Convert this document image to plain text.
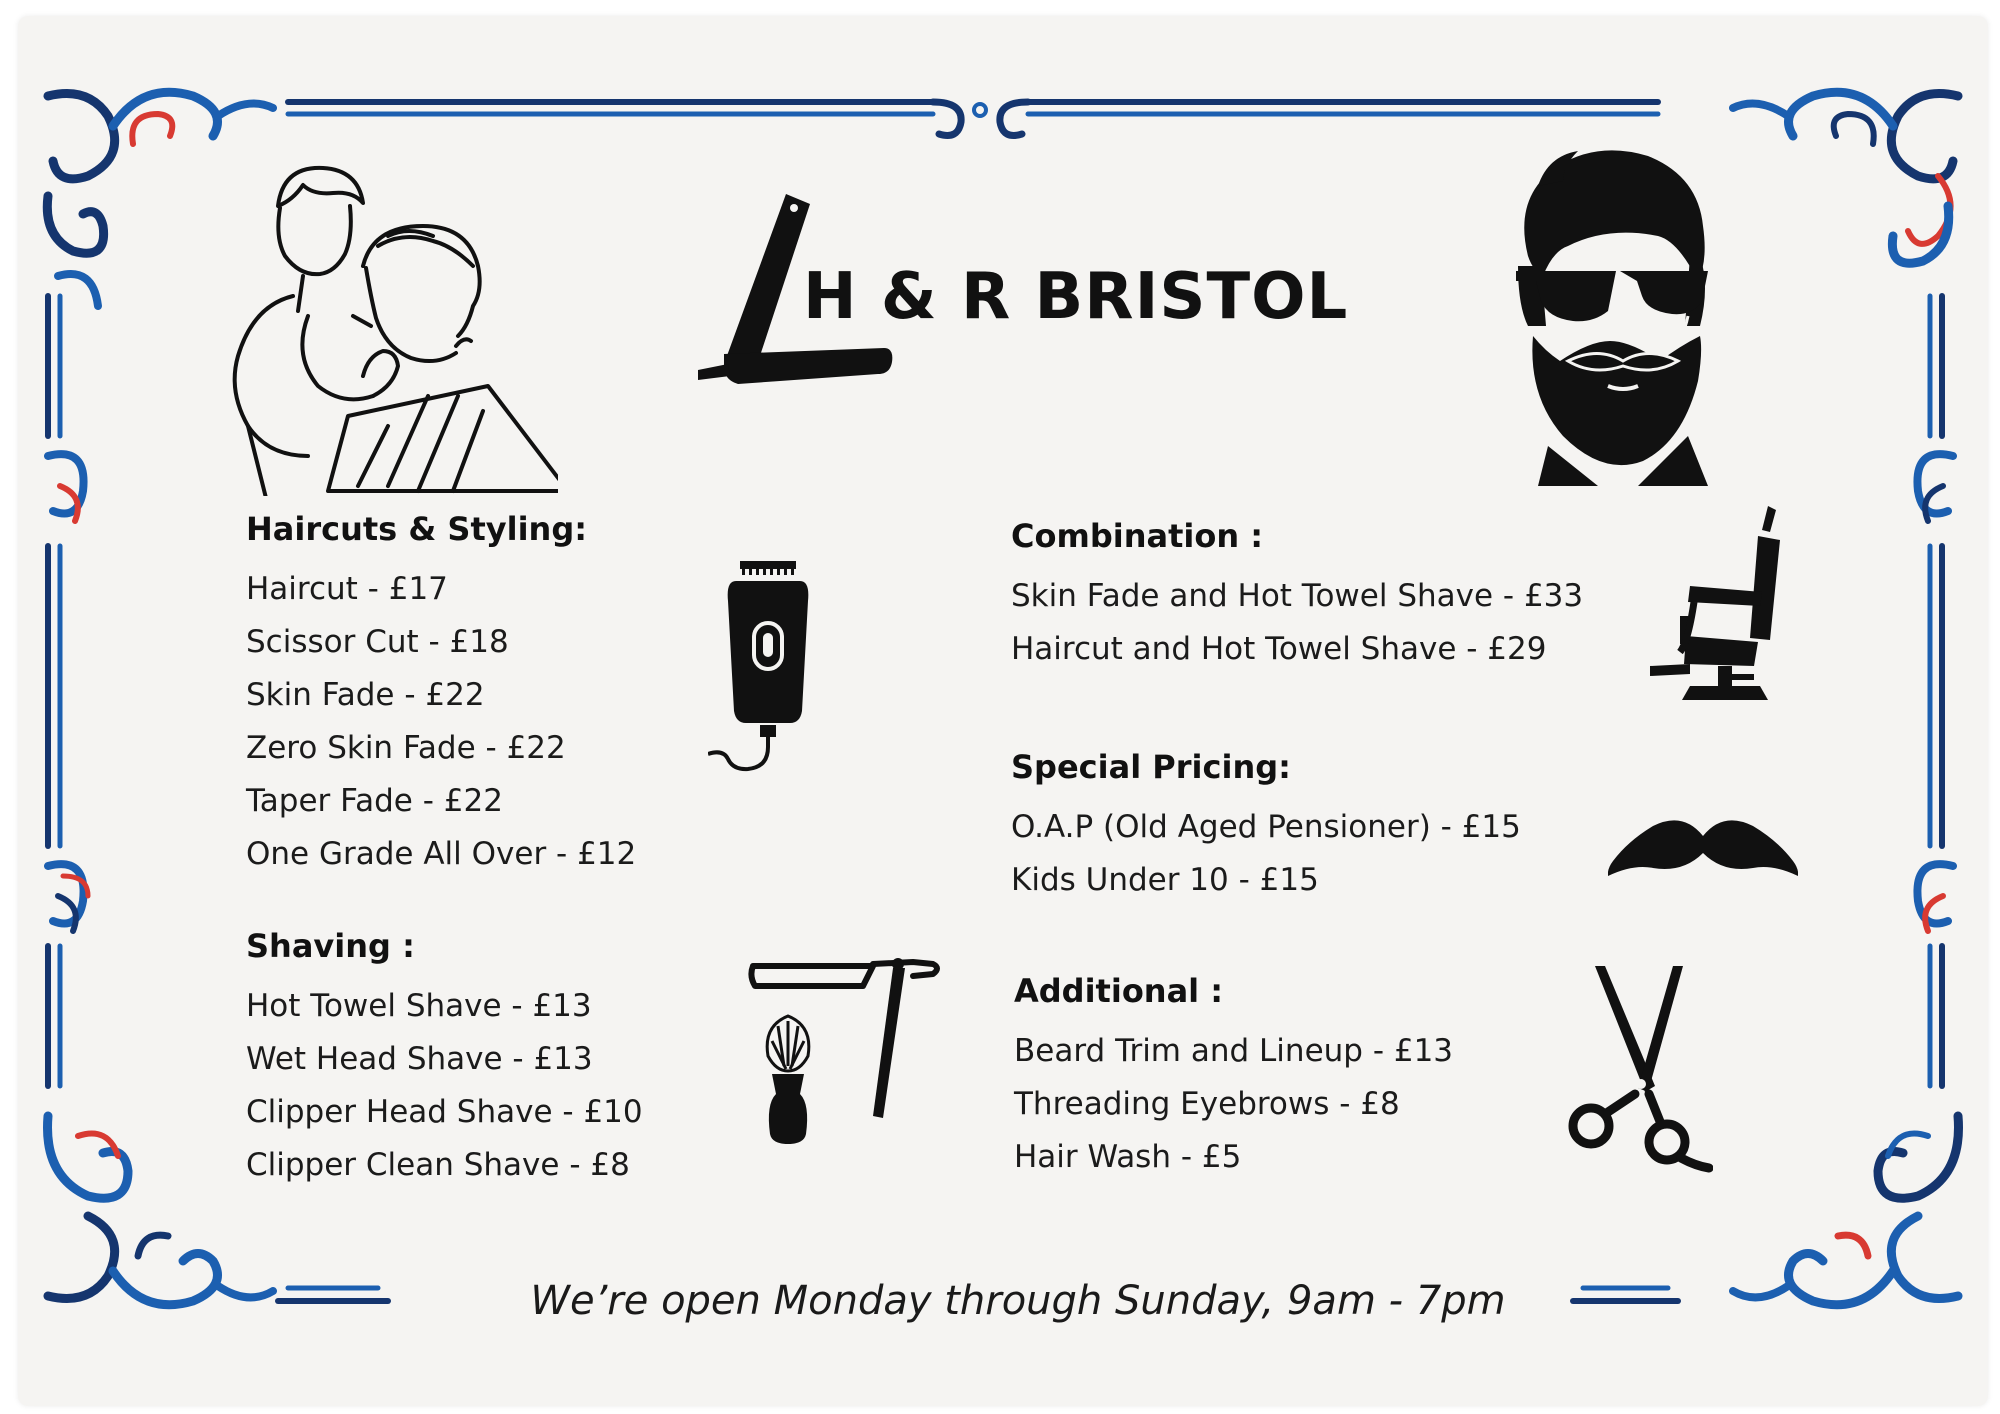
H & R BRISTOL
Haircuts & Styling:
Haircut - £17
Scissor Cut - £18
Skin Fade - £22
Zero Skin Fade - £22
Taper Fade - £22
One Grade All Over - £12
Shaving :
Hot Towel Shave - £13
Wet Head Shave - £13
Clipper Head Shave - £10
Clipper Clean Shave - £8
Combination :
Skin Fade and Hot Towel Shave - £33
Haircut and Hot Towel Shave - £29
Special Pricing:
O.A.P (Old Aged Pensioner) - £15
Kids Under 10 - £15
Additional :
Beard Trim and Lineup - £13
Threading Eyebrows - £8
Hair Wash - £5
We’re open Monday through Sunday, 9am - 7pm
